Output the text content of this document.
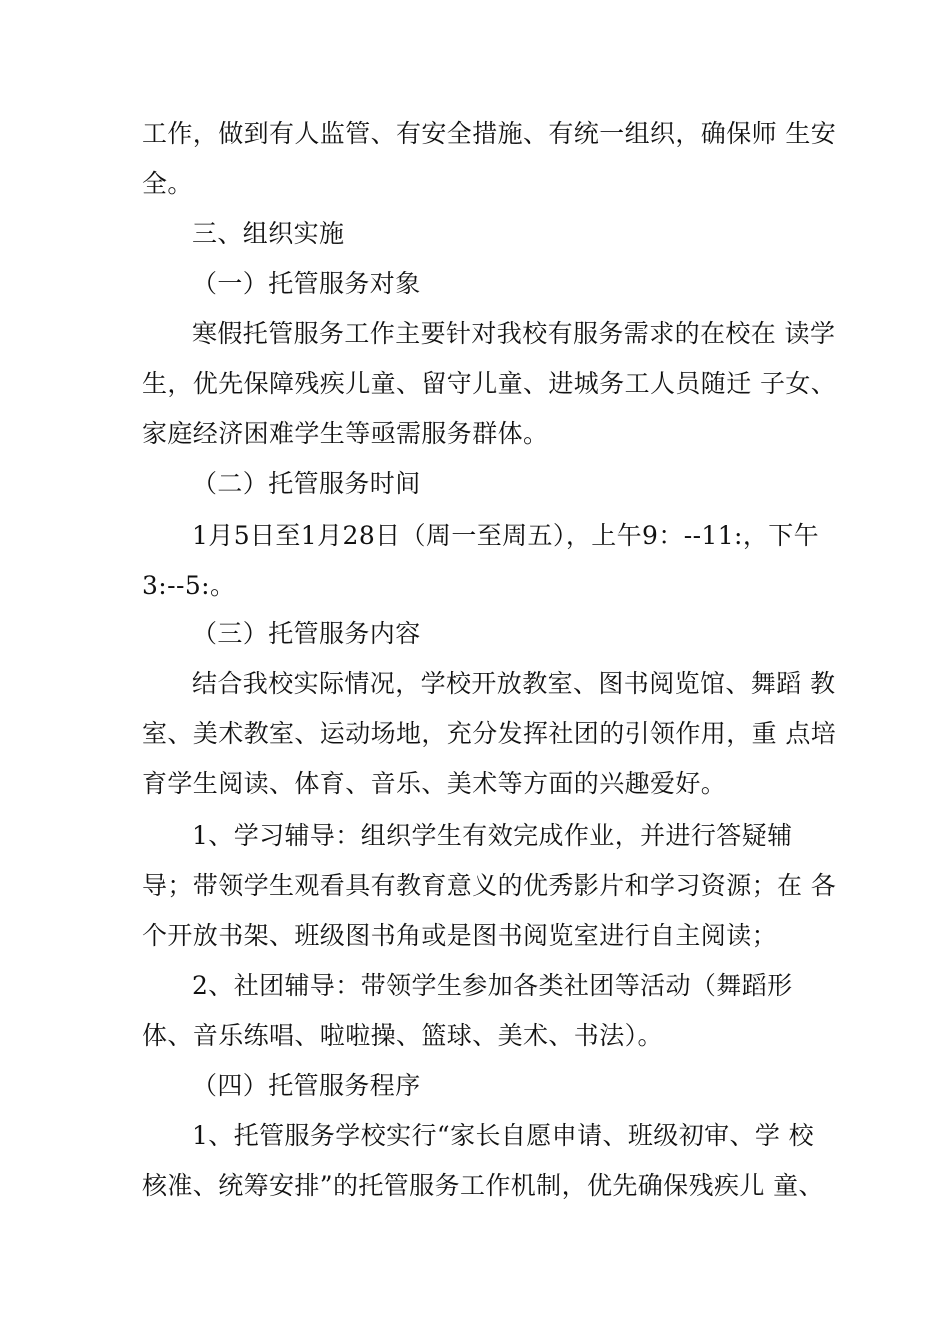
工作，做到有人监管、有安全措施、有统一组织，确保师 生安
全。
三、组织实施
（一）托管服务对象
寒假托管服务工作主要针对我校有服务需求的在校在 读学
生，优先保障残疾儿童、留守儿童、进城务工人员随迁 子女、
家庭经济困难学生等亟需服务群体。
（二）托管服务时间
1月5日至1月28日（周一至周五），上午9：--11:，下午
3:--5:。
（三）托管服务内容
结合我校实际情况，学校开放教室、图书阅览馆、舞蹈 教
室、美术教室、运动场地，充分发挥社团的引领作用，重 点培
育学生阅读、体育、音乐、美术等方面的兴趣爱好。
1、学习辅导：组织学生有效完成作业，并进行答疑辅
导；带领学生观看具有教育意义的优秀影片和学习资源；在 各
个开放书架、班级图书角或是图书阅览室进行自主阅读；
2、社团辅导：带领学生参加各类社团等活动（舞蹈形
体、音乐练唱、啦啦操、篮球、美术、书法）。
（四）托管服务程序
1、托管服务学校实行“家长自愿申请、班级初审、学 校
核准、统筹安排”的托管服务工作机制，优先确保残疾儿 童、
